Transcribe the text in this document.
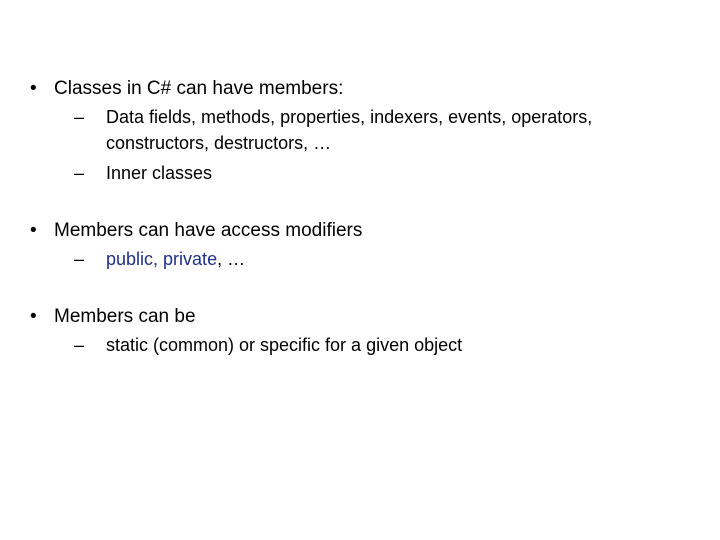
• Classes in C# can have members:
–	Data fields, methods, properties, indexers, events, operators, constructors, destructors, …
–	Inner classes
• Members can have access modifiers
–	public, private, …
• Members can be
–	static (common) or specific for a given object
